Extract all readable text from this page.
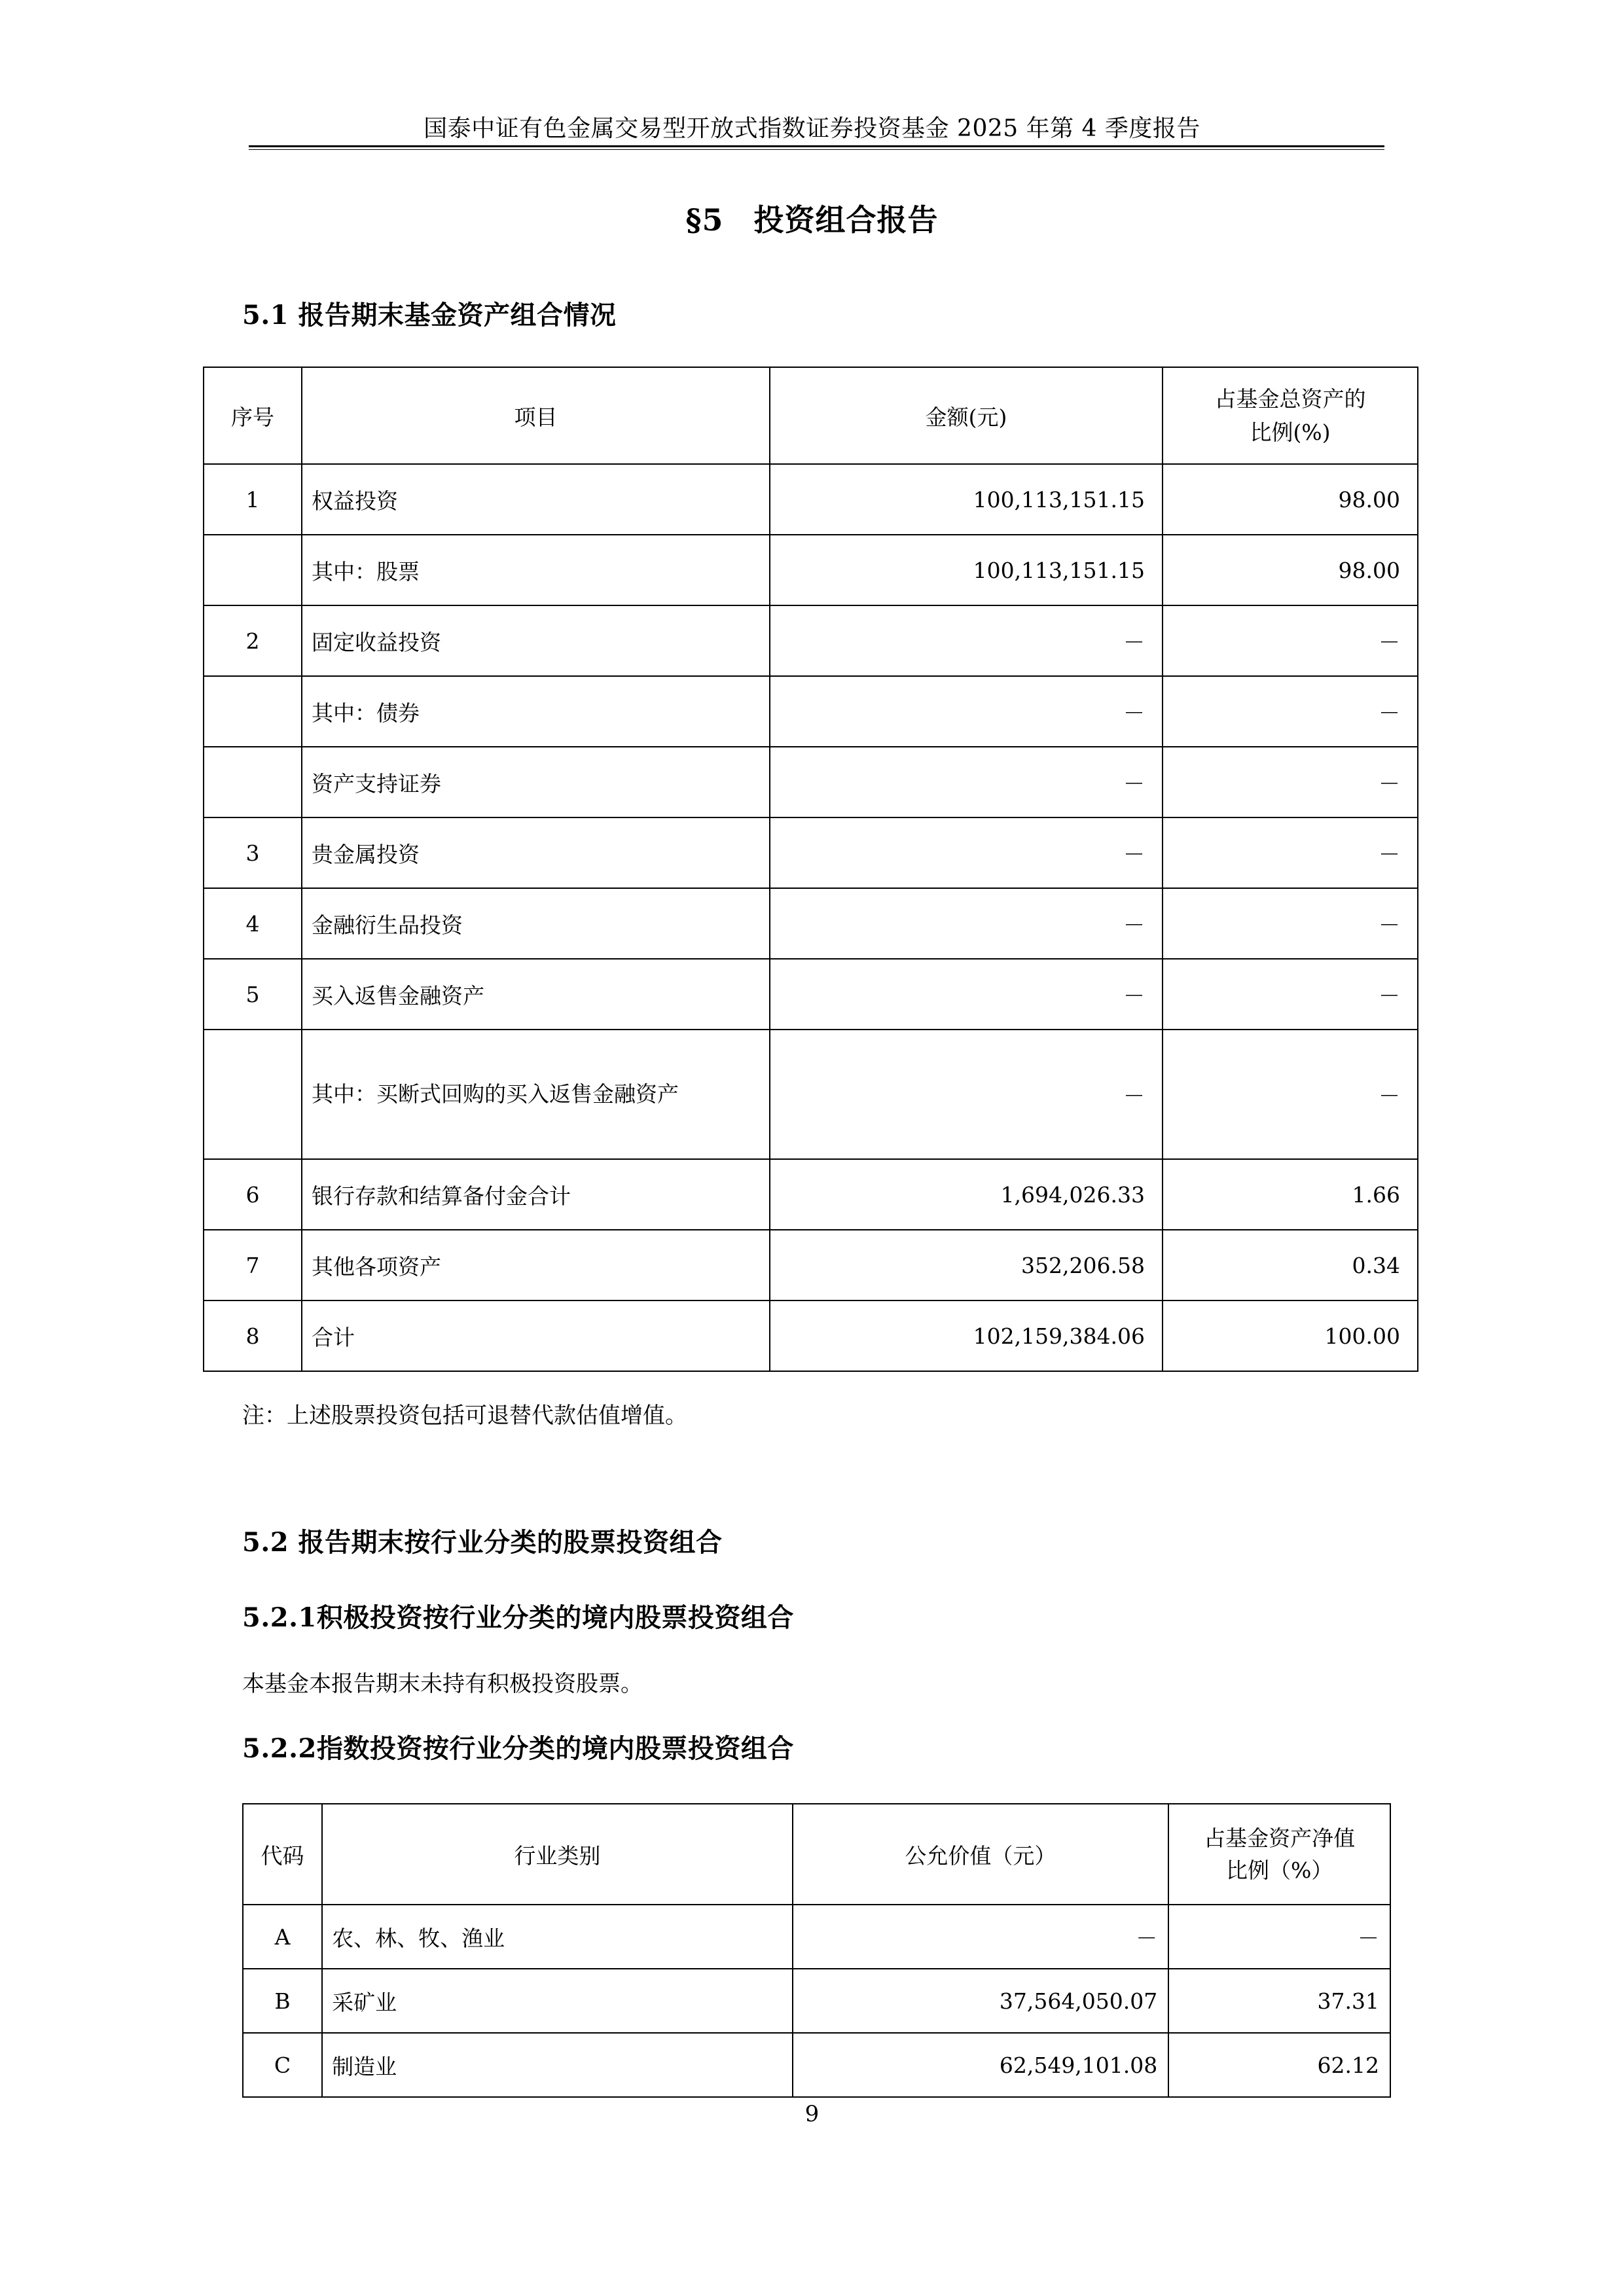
国泰中证有色金属交易型开放式指数证券投资基金 2025 年第 4 季度报告
§5 投资组合报告
5.1 报告期末基金资产组合情况
序号	项目	金额(元)	占基金总资产的
比例(%)

1	权益投资	100,113,151.15	98.00
	其中：股票	100,113,151.15	98.00
2	固定收益投资	－	－
	其中：债券	－	－
	资产支持证券	－	－
3	贵金属投资	－	－
4	金融衍生品投资	－	－
5	买入返售金融资产	－	－
	其中：买断式回购的买入返售金融资产	－	－
6	银行存款和结算备付金合计	1,694,026.33	1.66
7	其他各项资产	352,206.58	0.34
8	合计	102,159,384.06	100.00
注：上述股票投资包括可退替代款估值增值。
5.2 报告期末按行业分类的股票投资组合
5.2.1积极投资按行业分类的境内股票投资组合
本基金本报告期末未持有积极投资股票。
5.2.2指数投资按行业分类的境内股票投资组合
代码	行业类别	公允价值（元）	占基金资产净值
比例（%）

A	农、林、牧、渔业	－	－
B	采矿业	37,564,050.07	37.31
C	制造业	62,549,101.08	62.12
9
